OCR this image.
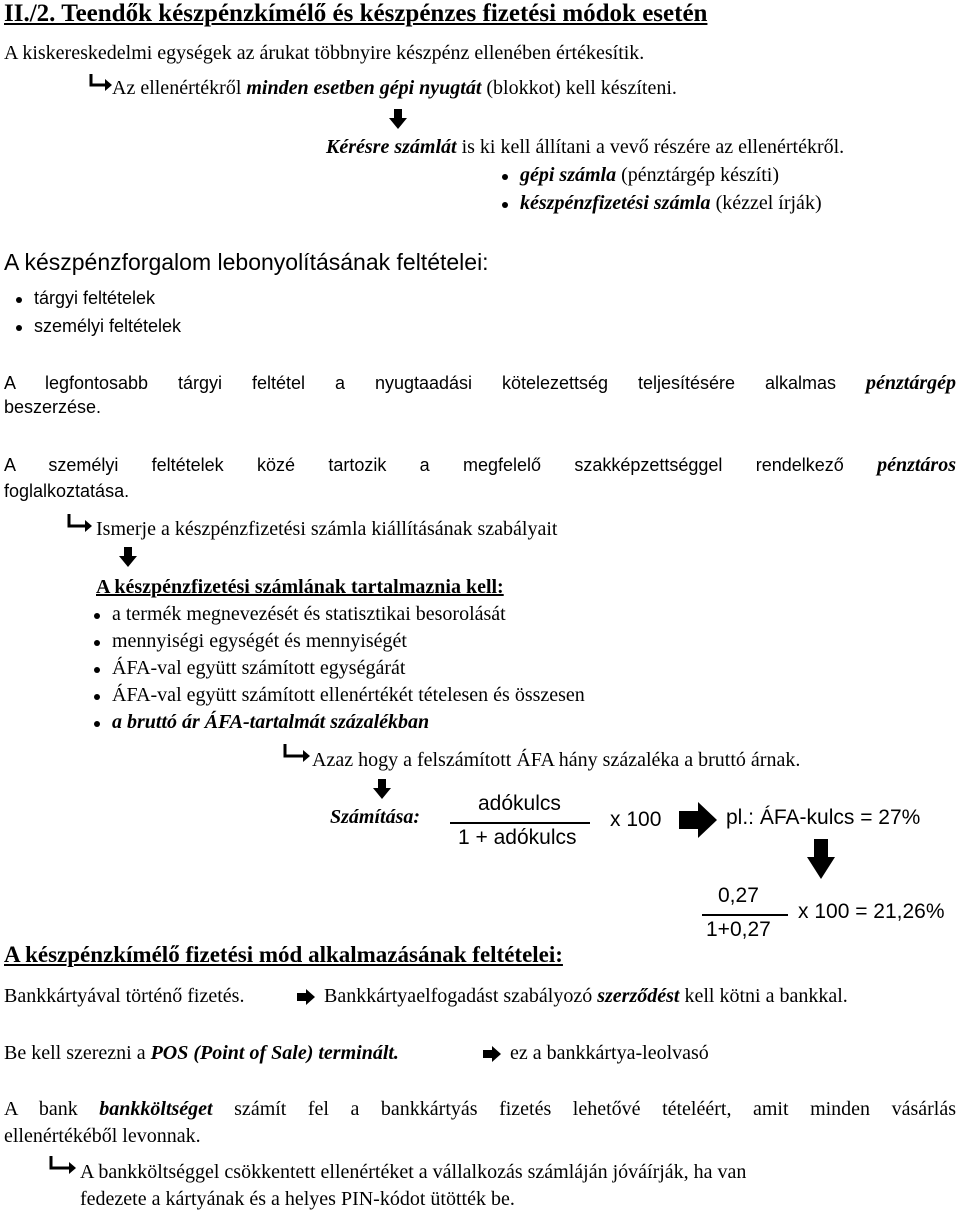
II./2. Teendők készpénzkímélő és készpénzes fizetési módok esetén
A kiskereskedelmi egységek az árukat többnyire készpénz ellenében értékesítik.
Az ellenértékről minden esetben gépi nyugtát (blokkot) kell készíteni.
Kérésre számlát is ki kell állítani a vevő részére az ellenértékről.
gépi számla (pénztárgép készíti)
készpénzfizetési számla (kézzel írják)
A készpénzforgalom lebonyolításának feltételei:
tárgyi feltételek
személyi feltételek
A legfontosabb tárgyi feltétel a nyugtaadási kötelezettség teljesítésére alkalmas pénztárgép
beszerzése.
A személyi feltételek közé tartozik a megfelelő szakképzettséggel rendelkező pénztáros
foglalkoztatása.
Ismerje a készpénzfizetési számla kiállításának szabályait
A készpénzfizetési számlának tartalmaznia kell:
a termék megnevezését és statisztikai besorolását
mennyiségi egységét és mennyiségét
ÁFA-val együtt számított egységárát
ÁFA-val együtt számított ellenértékét tételesen és összesen
a bruttó ár ÁFA-tartalmát százalékban
Azaz hogy a felszámított ÁFA hány százaléka a bruttó árnak.
Számítása:
adókulcs
1 + adókulcs
x 100	pl.: ÁFA-kulcs = 27%
0,27
1+0,27
x 100 = 21,26%
A készpénzkímélő fizetési mód alkalmazásának feltételei:
Bankkártyával történő fizetés.	Bankkártyaelfogadást szabályozó szerződést kell kötni a bankkal.
Be kell szerezni a POS (Point of Sale) terminált.	ez a bankkártya-leolvasó
A bank bankköltséget számít fel a bankkártyás fizetés lehetővé tételéért, amit minden vásárlás
ellenértékéből levonnak.
A bankköltséggel csökkentett ellenértéket a vállalkozás számláján jóváírják, ha van
fedezete a kártyának és a helyes PIN-kódot ütötték be.
